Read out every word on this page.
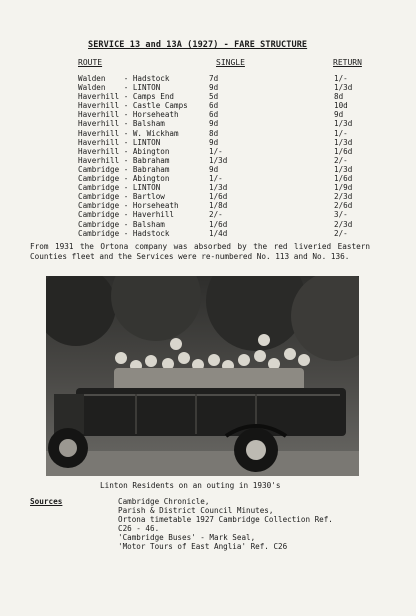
SERVICE 13 and 13A (1927) - FARE STRUCTURE
ROUTE	SINGLE	RETURN
Walden    - Hadstock	7d	1/-
Walden    - LINTON	9d	1/3d
Haverhill - Camps End	5d	8d
Haverhill - Castle Camps	6d	10d
Haverhill - Horseheath	6d	9d
Haverhill - Balsham	9d	1/3d
Haverhill - W. Wickham	8d	1/-
Haverhill - LINTON	9d	1/3d
Haverhill - Abington	1/-	1/6d
Haverhill - Babraham	1/3d	2/-
Cambridge - Babraham	9d	1/3d
Cambridge - Abington	1/-	1/6d
Cambridge - LINTON	1/3d	1/9d
Cambridge - Bartlow	1/6d	2/3d
Cambridge - Horseheath	1/8d	2/6d
Cambridge - Haverhill	2/-	3/-
Cambridge - Balsham	1/6d	2/3d
Cambridge - Hadstock	1/4d	2/-

From 1931 the Ortona company was absorbed by the red liveried Eastern Counties fleet and the Services were re-numbered No. 113 and No. 136.

Linton Residents on an outing in 1930's
Sources	Cambridge Chronicle,
Parish & District Council Minutes,
Ortona timetable 1927 Cambridge Collection Ref.
C26 - 46.
'Cambridge Buses' - Mark Seal,
'Motor Tours of East Anglia' Ref. C26
